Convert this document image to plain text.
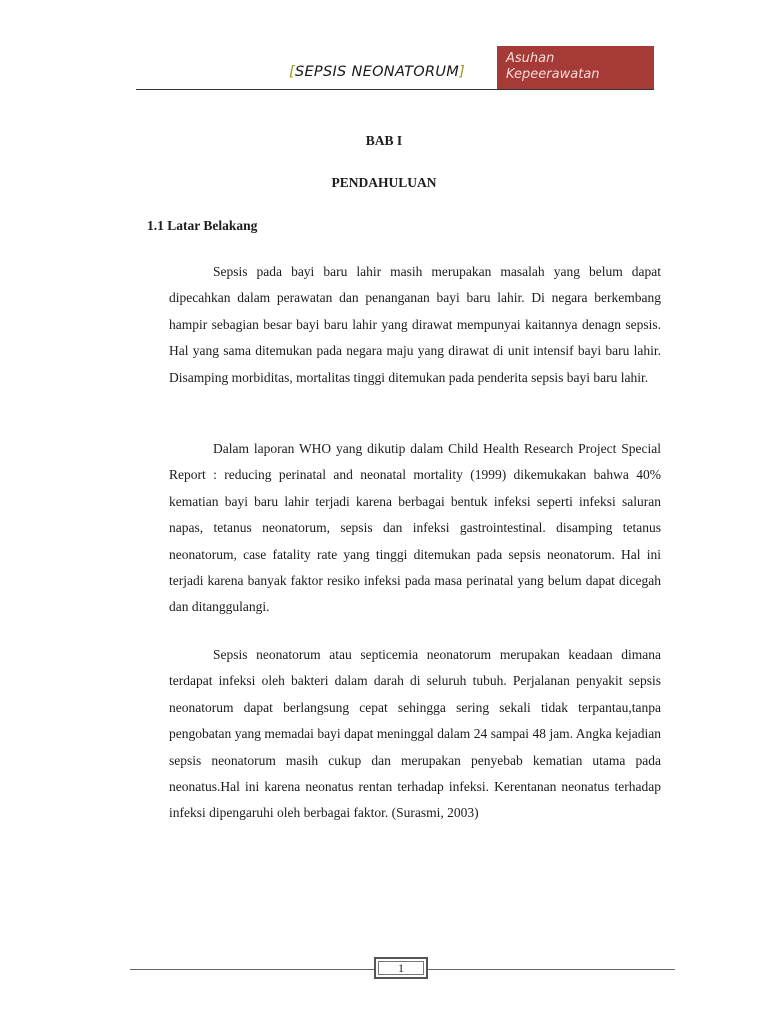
[SEPSIS NEONATORUM]
Asuhan
Kepeerawatan
BAB I
PENDAHULUAN
1.1 Latar Belakang

Sepsis pada bayi baru lahir masih merupakan masalah yang belum dapat dipecahkan dalam perawatan dan penanganan bayi baru lahir. Di negara berkembang hampir sebagian besar bayi baru lahir yang dirawat mempunyai kaitannya denagn sepsis. Hal yang sama ditemukan pada negara maju yang dirawat di unit intensif bayi baru lahir. Disamping morbiditas, mortalitas tinggi ditemukan pada penderita sepsis bayi baru lahir.

Dalam laporan WHO yang dikutip dalam Child Health Research Project Special Report : reducing perinatal and neonatal mortality (1999) dikemukakan bahwa 40% kematian bayi baru lahir terjadi karena berbagai bentuk infeksi seperti infeksi saluran napas, tetanus neonatorum, sepsis dan infeksi gastrointestinal. disamping tetanus neonatorum, case fatality rate yang tinggi ditemukan pada sepsis neonatorum. Hal ini terjadi karena banyak faktor resiko infeksi pada masa perinatal yang belum dapat dicegah dan ditanggulangi.

Sepsis neonatorum atau septicemia neonatorum merupakan keadaan dimana terdapat infeksi oleh bakteri dalam darah di seluruh tubuh. Perjalanan penyakit sepsis neonatorum dapat berlangsung cepat sehingga sering sekali tidak terpantau,tanpa pengobatan yang memadai bayi dapat meninggal dalam 24 sampai 48 jam. Angka kejadian sepsis neonatorum masih cukup dan merupakan penyebab kematian utama pada neonatus.Hal ini karena neonatus rentan terhadap infeksi. Kerentanan neonatus terhadap infeksi dipengaruhi oleh berbagai faktor. (Surasmi, 2003)

1
